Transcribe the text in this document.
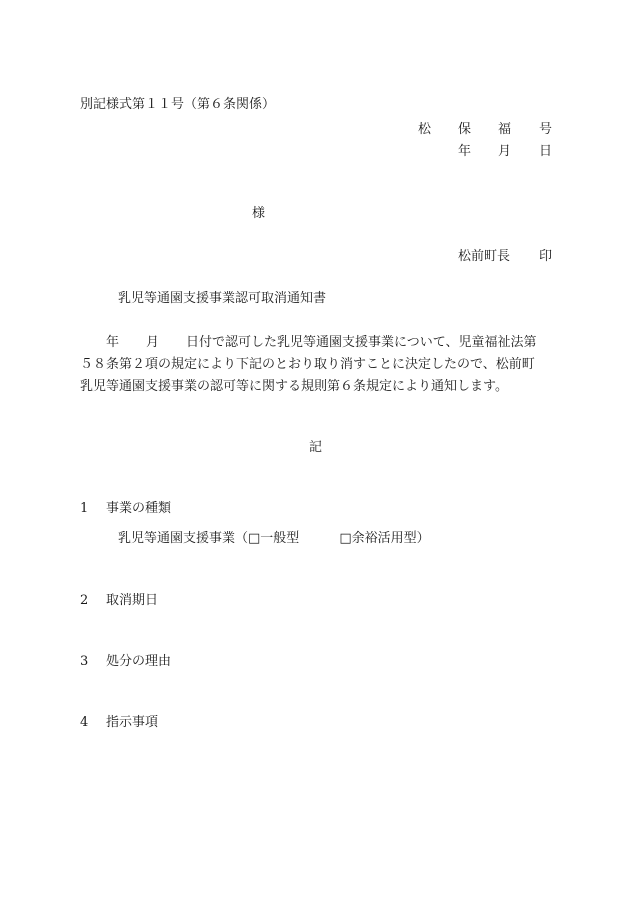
別記様式第１１号（第６条関係）
松 保 福 号
年 月 日
様
松前町長 印
乳児等通園支援事業認可取消通知書
年 月 日付で認可した乳児等通園支援事業について、児童福祉法第
５８条第２項の規定により下記のとおり取り消すことに決定したので、松前町
乳児等通園支援事業の認可等に関する規則第６条規定により通知します。
記
1 事業の種類
乳児等通園支援事業（□一般型	□余裕活用型）
2 取消期日
3 処分の理由
4 指示事項
